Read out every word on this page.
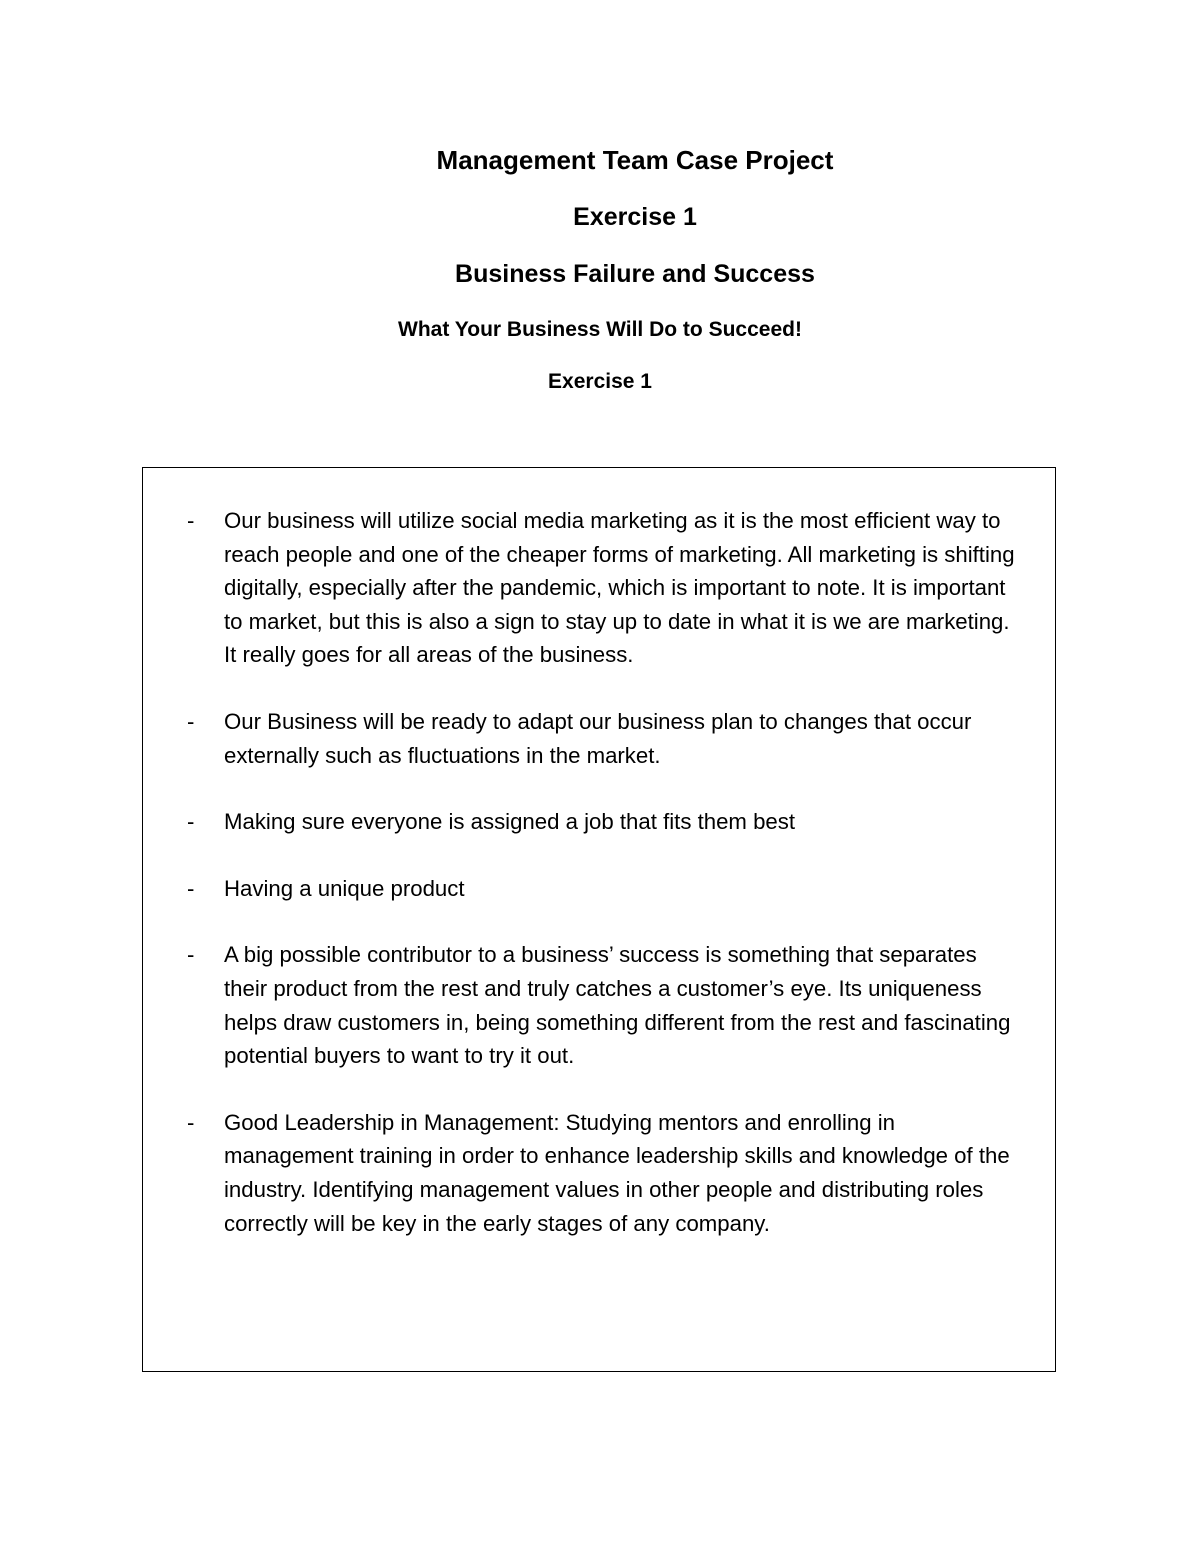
Management Team Case Project
Exercise 1
Business Failure and Success
What Your Business Will Do to Succeed!
Exercise 1
-	Our business will utilize social media marketing as it is the most efficient way to reach people and one of the cheaper forms of marketing. All marketing is shifting digitally, especially after the pandemic, which is important to note. It is important to market, but this is also a sign to stay up to date in what it is we are marketing. It really goes for all areas of the business.
-	Our Business will be ready to adapt our business plan to changes that occur externally such as fluctuations in the market.
-	Making sure everyone is assigned a job that fits them best
-	Having a unique product
-	A big possible contributor to a business’ success is something that separates their product from the rest and truly catches a customer’s eye. Its uniqueness helps draw customers in, being something different from the rest and fascinating potential buyers to want to try it out.
-	Good Leadership in Management: Studying mentors and enrolling in management training in order to enhance leadership skills and knowledge of the industry. Identifying management values in other people and distributing roles correctly will be key in the early stages of any company.
